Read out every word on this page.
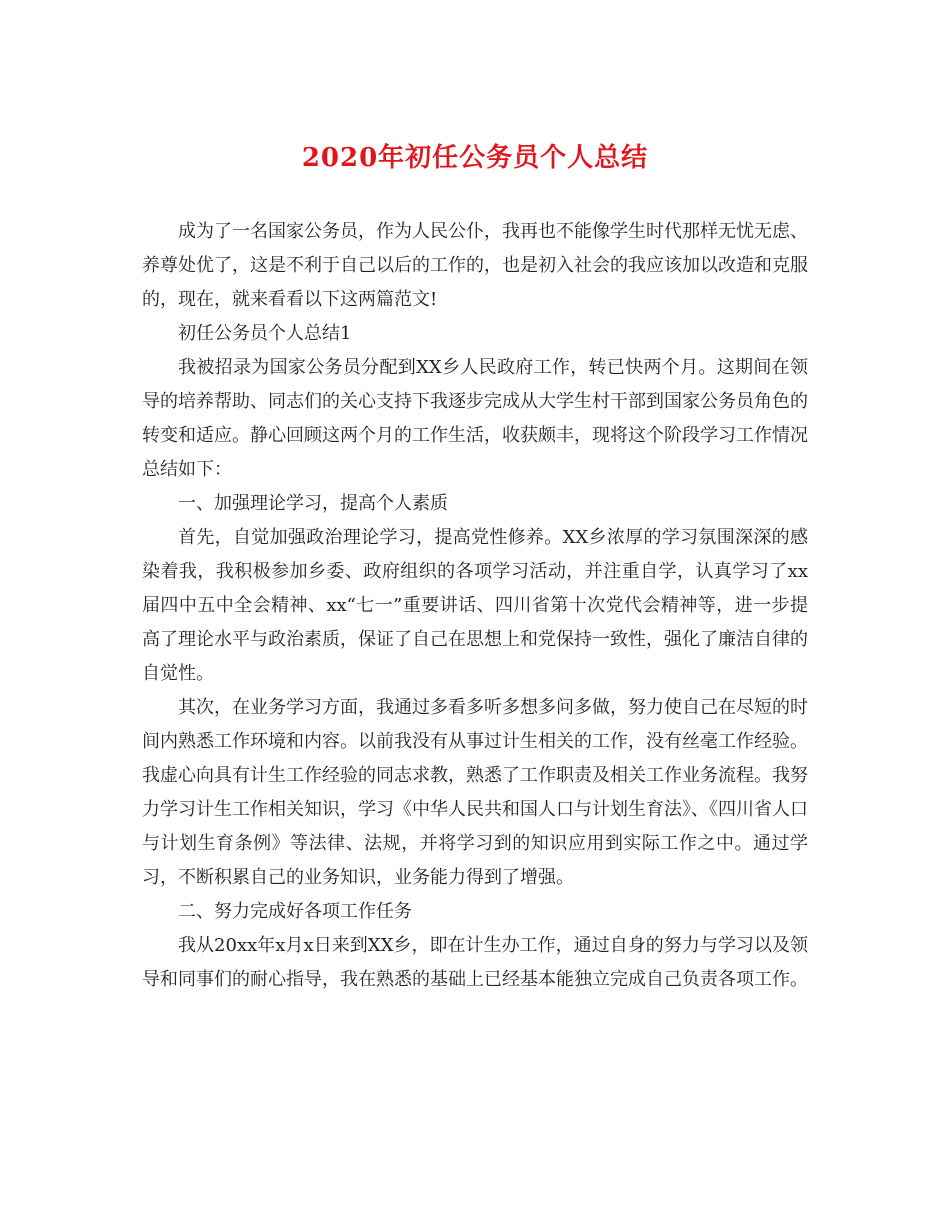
2020年初任公务员个人总结

成为了一名国家公务员，作为人民公仆，我再也不能像学生时代那样无忧无虑、养尊处优了，这是不利于自己以后的工作的，也是初入社会的我应该加以改造和克服的，现在，就来看看以下这两篇范文!

初任公务员个人总结1

我被招录为国家公务员分配到XX乡人民政府工作，转已快两个月。这期间在领导的培养帮助、同志们的关心支持下我逐步完成从大学生村干部到国家公务员角色的转变和适应。静心回顾这两个月的工作生活，收获颇丰，现将这个阶段学习工作情况总结如下：

一、加强理论学习，提高个人素质

首先，自觉加强政治理论学习，提高党性修养。XX乡浓厚的学习氛围深深的感染着我，我积极参加乡委、政府组织的各项学习活动，并注重自学，认真学习了xx届四中五中全会精神、xx“七一”重要讲话、四川省第十次党代会精神等，进一步提高了理论水平与政治素质，保证了自己在思想上和党保持一致性，强化了廉洁自律的自觉性。

其次，在业务学习方面，我通过多看多听多想多问多做，努力使自己在尽短的时间内熟悉工作环境和内容。以前我没有从事过计生相关的工作，没有丝毫工作经验。我虚心向具有计生工作经验的同志求教，熟悉了工作职责及相关工作业务流程。我努力学习计生工作相关知识，学习《中华人民共和国人口与计划生育法》、《四川省人口与计划生育条例》等法律、法规，并将学习到的知识应用到实际工作之中。通过学习，不断积累自己的业务知识，业务能力得到了增强。

二、努力完成好各项工作任务

我从20xx年x月x日来到XX乡，即在计生办工作，通过自身的努力与学习以及领导和同事们的耐心指导，我在熟悉的基础上已经基本能独立完成自己负责各项工作。
